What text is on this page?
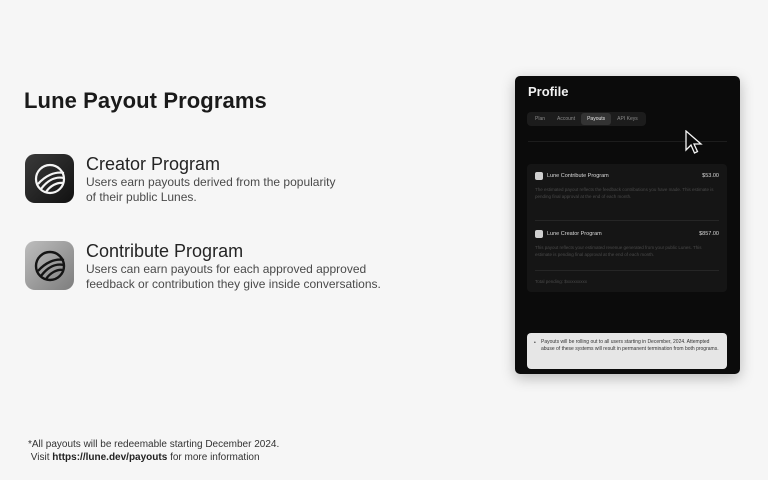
Lune Payout Programs
Creator Program
Users earn payouts derived from the popularity
of their public Lunes.
Contribute Program
Users can earn payouts for each approved approved
feedback or contribution they give inside conversations.
*All payouts will be redeemable starting December 2024.
Visit https://lune.dev/payouts for more information
Profile
Plan	Account	Payouts	API Keys
Lune Contribute Program	$53.00
The estimated payout reflects the feedback contributions you have made. This estimate is pending final approval at the end of each month.
Lune Creator Program	$857.00
This payout reflects your estimated revenue generated from your public Lunes. This estimate is pending final approval at the end of each month.
Total pending: $xxxxxxxxx
• Payouts will be rolling out to all users starting in December, 2024. Attempted abuse of these systems will result in permanent termination from both programs.
